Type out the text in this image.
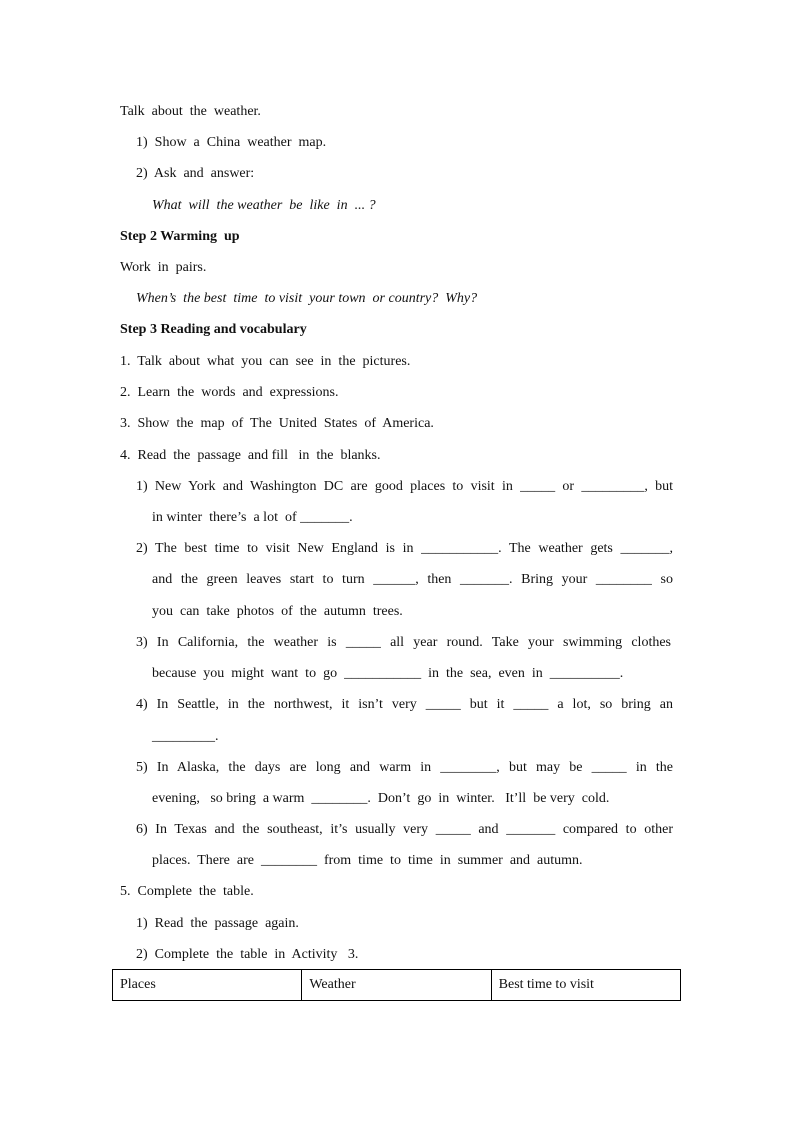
Talk  about  the  weather.
1)  Show  a  China  weather  map.
2)  Ask  and  answer:
What  will  the weather  be  like  in  ... ?
Step 2 Warming  up
Work  in  pairs.
When’s  the best  time  to visit  your town  or country?  Why?
Step 3 Reading and vocabulary
1.  Talk  about  what  you  can  see  in  the  pictures.
2.  Learn  the  words  and  expressions.
3.  Show  the  map  of  The  United  States  of  America.
4.  Read  the  passage  and fill   in  the  blanks.
1) New York and Washington DC are good places to visit in _____ or _________, but
in winter  there’s  a lot  of _______.
2) The best time to visit New England is in ___________. The weather gets _______,
and the green leaves start to turn ______, then _______. Bring your ________ so
you  can  take  photos  of  the  autumn  trees.
3) In California, the weather is _____ all year round. Take your swimming clothes
because  you  might  want  to  go  ___________  in  the  sea,  even  in  __________.
4) In Seattle, in the northwest, it isn’t very _____ but it _____ a lot, so bring an
_________.
5) In Alaska, the days are long and warm in ________, but may be _____ in the
evening,   so bring  a warm  ________.  Don’t  go  in  winter.   It’ll  be very  cold.
6) In Texas and the southeast, it’s usually very _____ and _______ compared to other
places.  There  are  ________  from  time  to  time  in  summer  and  autumn.
5.  Complete  the  table.
1)  Read  the  passage  again.
2)  Complete  the  table  in  Activity   3.
Places	Weather	Best time to visit
